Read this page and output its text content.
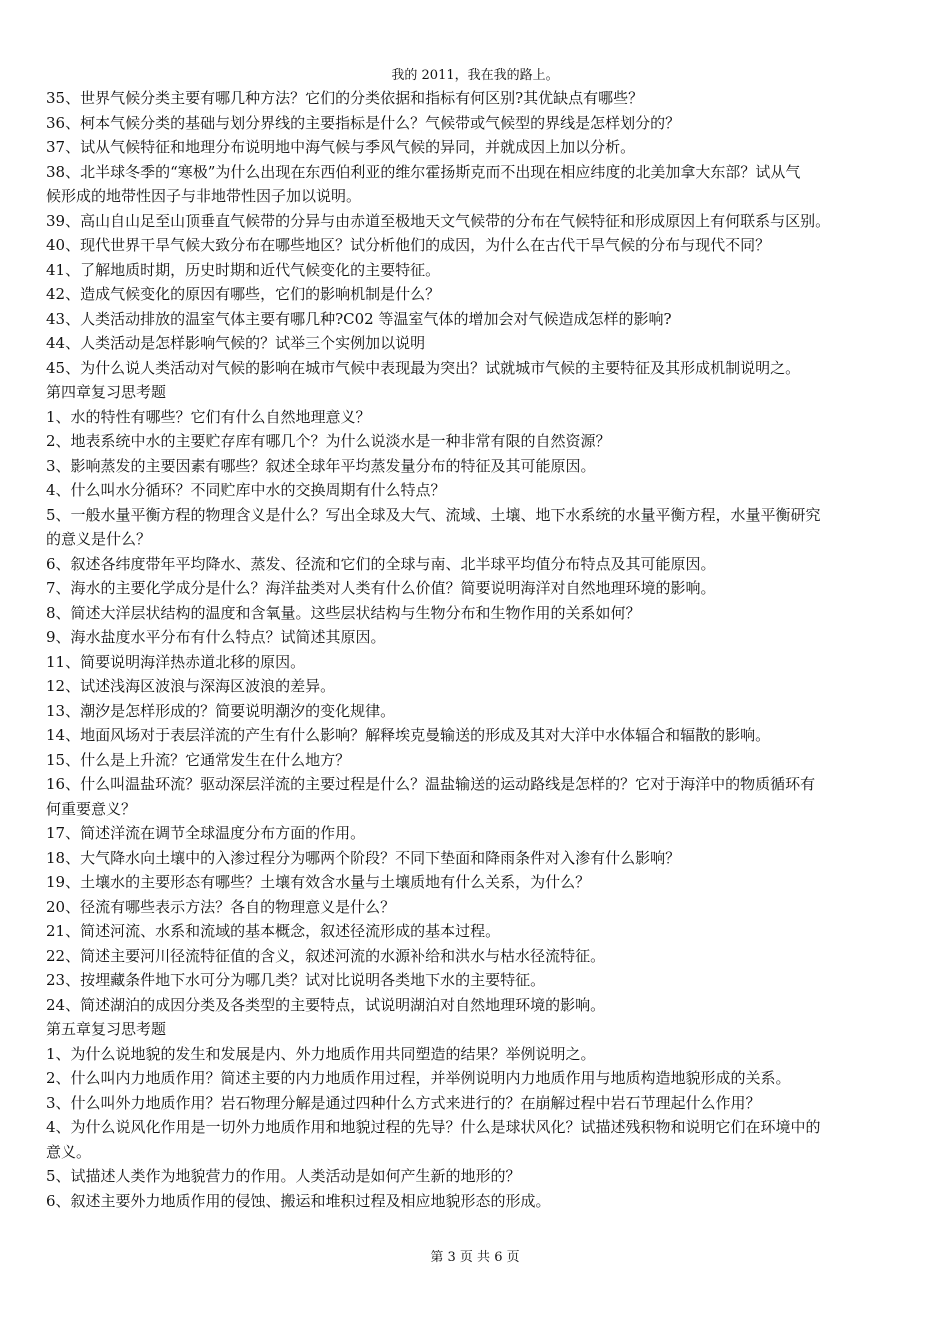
我的 2011，我在我的路上。
35、世界气候分类主要有哪几种方法？它们的分类依据和指标有何区别?其优缺点有哪些？
36、柯本气候分类的基础与划分界线的主要指标是什么？气候带或气候型的界线是怎样划分的？
37、试从气候特征和地理分布说明地中海气候与季风气候的异同，并就成因上加以分析。
38、北半球冬季的“寒极”为什么出现在东西伯利亚的维尔霍扬斯克而不出现在相应纬度的北美加拿大东部？试从气
候形成的地带性因子与非地带性因子加以说明。
39、高山自山足至山顶垂直气候带的分异与由赤道至极地天文气候带的分布在气候特征和形成原因上有何联系与区别。
40、现代世界干旱气候大致分布在哪些地区？试分析他们的成因，为什么在古代干旱气候的分布与现代不同？
41、了解地质时期，历史时期和近代气候变化的主要特征。
42、造成气候变化的原因有哪些，它们的影响机制是什么？
43、人类活动排放的温室气体主要有哪几种?C02 等温室气体的增加会对气候造成怎样的影响?
44、人类活动是怎样影响气候的？试举三个实例加以说明
45、为什么说人类活动对气候的影响在城市气候中表现最为突出？试就城市气候的主要特征及其形成机制说明之。
第四章复习思考题
1、水的特性有哪些？它们有什么自然地理意义？
2、地表系统中水的主要贮存库有哪几个？为什么说淡水是一种非常有限的自然资源？
3、影响蒸发的主要因素有哪些？叙述全球年平均蒸发量分布的特征及其可能原因。
4、什么叫水分循环？不同贮库中水的交换周期有什么特点？
5、一般水量平衡方程的物理含义是什么？写出全球及大气、流域、土壤、地下水系统的水量平衡方程，水量平衡研究
的意义是什么？
6、叙述各纬度带年平均降水、蒸发、径流和它们的全球与南、北半球平均值分布特点及其可能原因。
7、海水的主要化学成分是什么？海洋盐类对人类有什么价值？简要说明海洋对自然地理环境的影响。
8、简述大洋层状结构的温度和含氧量。这些层状结构与生物分布和生物作用的关系如何？
9、海水盐度水平分布有什么特点？试简述其原因。
11、简要说明海洋热赤道北移的原因。
12、试述浅海区波浪与深海区波浪的差异。
13、潮汐是怎样形成的？简要说明潮汐的变化规律。
14、地面风场对于表层洋流的产生有什么影响？解释埃克曼输送的形成及其对大洋中水体辐合和辐散的影响。
15、什么是上升流？它通常发生在什么地方？
16、什么叫温盐环流？驱动深层洋流的主要过程是什么？温盐输送的运动路线是怎样的？它对于海洋中的物质循环有
何重要意义？
17、简述洋流在调节全球温度分布方面的作用。
18、大气降水向土壤中的入渗过程分为哪两个阶段？不同下垫面和降雨条件对入渗有什么影响？
19、土壤水的主要形态有哪些？土壤有效含水量与土壤质地有什么关系，为什么？
20、径流有哪些表示方法？各自的物理意义是什么？
21、简述河流、水系和流域的基本概念，叙述径流形成的基本过程。
22、简述主要河川径流特征值的含义，叙述河流的水源补给和洪水与枯水径流特征。
23、按埋藏条件地下水可分为哪几类？试对比说明各类地下水的主要特征。
24、简述湖泊的成因分类及各类型的主要特点，试说明湖泊对自然地理环境的影响。
第五章复习思考题
1、为什么说地貌的发生和发展是内、外力地质作用共同塑造的结果？举例说明之。
2、什么叫内力地质作用？简述主要的内力地质作用过程，并举例说明内力地质作用与地质构造地貌形成的关系。
3、什么叫外力地质作用？岩石物理分解是通过四种什么方式来进行的？在崩解过程中岩石节理起什么作用？
4、为什么说风化作用是一切外力地质作用和地貌过程的先导？什么是球状风化？试描述残积物和说明它们在环境中的
意义。
5、试描述人类作为地貌营力的作用。人类活动是如何产生新的地形的？
6、叙述主要外力地质作用的侵蚀、搬运和堆积过程及相应地貌形态的形成。
第 3 页 共 6 页
